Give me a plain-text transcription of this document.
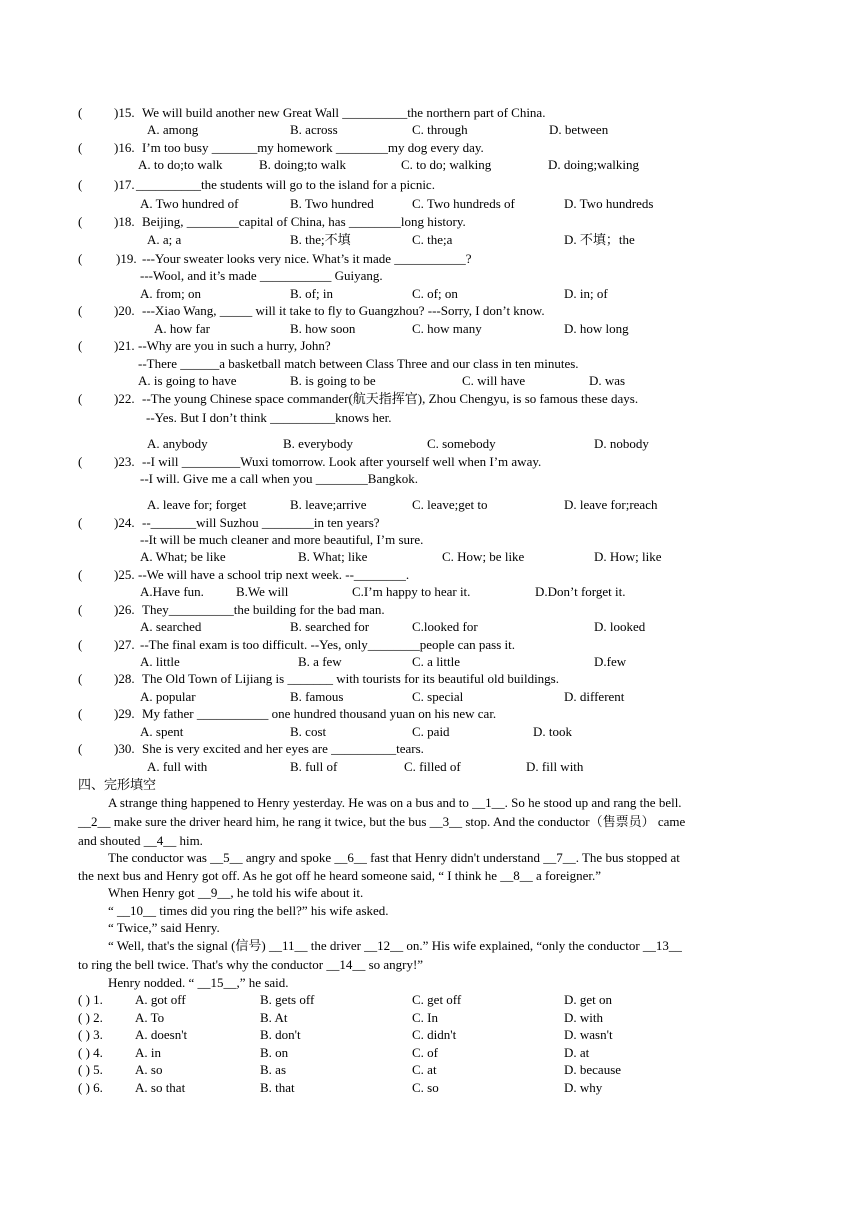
( )15. We will build another new Great Wall __________the northern part of China.
A. among	B. across	C. through	D. between
( )16. I’m too busy _______my homework ________my dog every day.
A. to do;to walk	B. doing;to walk	C. to do; walking	D. doing;walking
( )17. __________the students will go to the island for a picnic.
A. Two hundred of	B. Two hundred	C. Two hundreds of	D. Two hundreds
( )18. Beijing, ________capital of China, has ________long history.
A. a; a	B. the;不填	C. the;a	D. 不填；the
(	)19. ---Your sweater looks very nice. What’s it made ___________?
---Wool, and it’s made ___________ Guiyang.
A. from; on	B. of; in	C. of; on	D. in; of
( )20. ---Xiao Wang, _____ will it take to fly to Guangzhou? ---Sorry, I don’t know.
A. how far	B. how soon	C. how many	D. how long
( )21. --Why are you in such a hurry, John?
--There ______a basketball match between Class Three and our class in ten minutes.
A. is going to have	B. is going to be	C. will have	D. was
( )22. --The young Chinese space commander(航天指挥官), Zhou Chengyu, is so famous these days.
--Yes. But I don’t think __________knows her.
A. anybody	B. everybody	C. somebody	D. nobody
( )23. --I will _________Wuxi tomorrow. Look after yourself well when I’m away.
--I will. Give me a call when you ________Bangkok.
A. leave for; forget	B. leave;arrive	C. leave;get to	D. leave for;reach
( )24. --_______will Suzhou ________in ten years?
--It will be much cleaner and more beautiful, I’m sure.
A. What; be like	B. What; like	C. How; be like	D. How; like
( )25. --We will have a school trip next week. --________.
A.Have fun. B.We will	C.I’m happy to hear it.	D.Don’t forget it.
( )26. They__________the building for the bad man.
A. searched	B. searched for	C.looked for	D. looked
( )27. --The final exam is too difficult. --Yes, only________people can pass it.
A. little	B. a few	C. a little	D.few
( )28. The Old Town of Lijiang is _______ with tourists for its beautiful old buildings.
A. popular	B. famous	C. special	D. different
( )29. My father ___________ one hundred thousand yuan on his new car.
A. spent	B. cost	C. paid	D. took
( )30. She is very excited and her eyes are __________tears.
A. full with	B. full of	C. filled of	D. fill with
四、完形填空
A strange thing happened to Henry yesterday. He was on a bus and to __1__. So he stood up and rang the bell.
__2__ make sure the driver heard him, he rang it twice, but the bus __3__ stop. And the conductor（售票员） came
and shouted __4__ him.
The conductor was __5__ angry and spoke __6__ fast that Henry didn't understand __7__. The bus stopped at
the next bus and Henry got off. As he got off he heard someone said, “ I think he __8__ a foreigner.”
When Henry got __9__, he told his wife about it.
“ __10__ times did you ring the bell?” his wife asked.
“ Twice,” said Henry.
“ Well, that's the signal (信号) __11__ the driver __12__ on.” His wife explained, “only the conductor __13__
to ring the bell twice. That's why the conductor __14__ so angry!”
Henry nodded. “ __15__,” he said.
( ) 1. A. got off	B. gets off	C. get off	D. get on
( ) 2. A. To	B. At	C. In	D. with
( ) 3. A. doesn't	B. don't	C. didn't	D. wasn't
( ) 4. A. in	B. on	C. of	D. at
( ) 5. A. so	B. as	C. at	D. because
( ) 6. A. so that	B. that	C. so	D. why
